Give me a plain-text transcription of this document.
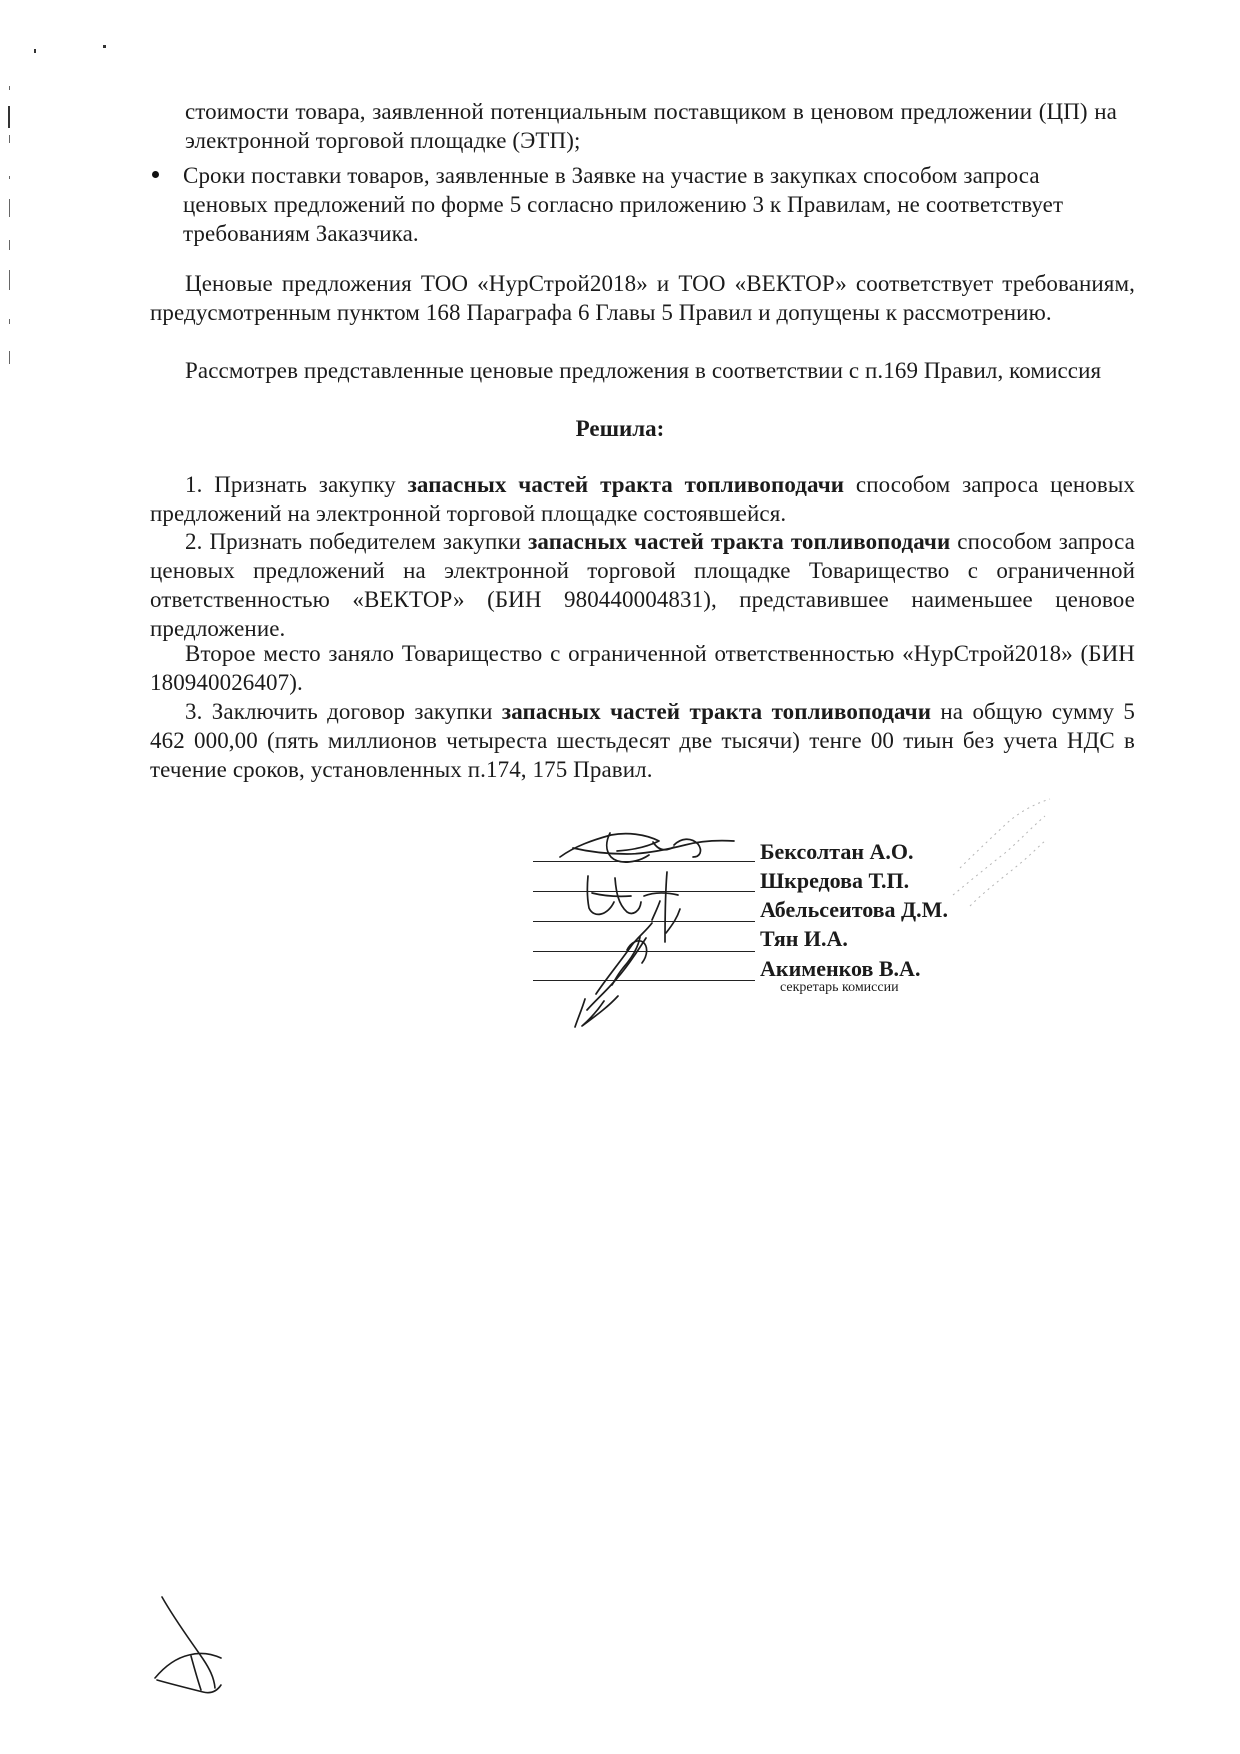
стоимости товара, заявленной потенциальным поставщиком в ценовом предложении (ЦП) на электронной торговой площадке (ЭТП);
Сроки поставки товаров, заявленные в Заявке на участие в закупках способом запроса
ценовых предложений по форме 5 согласно приложению 3 к Правилам, не соответствует
требованиям Заказчика.
Ценовые предложения ТОО «НурСтрой2018» и ТОО «ВЕКТОР» соответствует требованиям, предусмотренным пунктом 168 Параграфа 6 Главы 5 Правил и допущены к рассмотрению.
Рассмотрев представленные ценовые предложения в соответствии с п.169 Правил, комиссия
Решила:
1. Признать закупку запасных частей тракта топливоподачи способом запроса ценовых предложений на электронной торговой площадке состоявшейся.
2. Признать победителем закупки запасных частей тракта топливоподачи способом запроса ценовых предложений на электронной торговой площадке Товарищество с ограниченной ответственностью «ВЕКТОР» (БИН 980440004831), представившее наименьшее ценовое предложение.
Второе место заняло Товарищество с ограниченной ответственностью «НурСтрой2018» (БИН 180940026407).
3. Заключить договор закупки запасных частей тракта топливоподачи на общую сумму 5 462 000,00 (пять миллионов четыреста шестьдесят две тысячи) тенге 00 тиын без учета НДС в течение сроков, установленных п.174, 175 Правил.
Бексолтан А.О.
Шкредова Т.П.
Абельсеитова Д.М.
Тян И.А.
Акименков В.А.
секретарь комиссии
